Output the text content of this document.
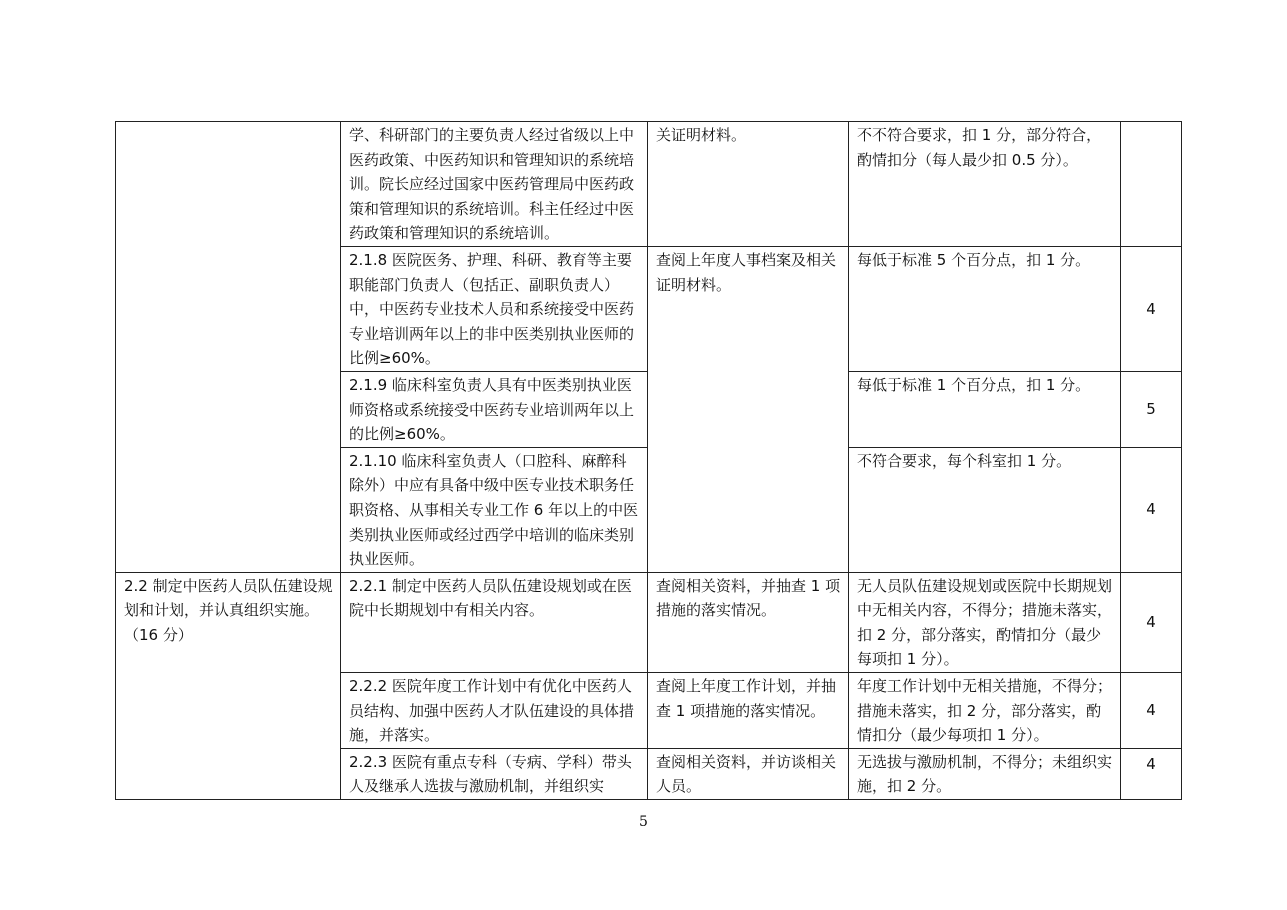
	学、科研部门的主要负责人经过省级以上中医药政策、中医药知识和管理知识的系统培训。院长应经过国家中医药管理局中医药政策和管理知识的系统培训。科主任经过中医药政策和管理知识的系统培训。	关证明材料。	不不符合要求，扣 1 分，部分符合，酌情扣分（每人最少扣 0.5 分）。	

	2.1.8 医院医务、护理、科研、教育等主要职能部门负责人（包括正、副职负责人）中，中医药专业技术人员和系统接受中医药专业培训两年以上的非中医类别执业医师的比例≥60%。	查阅上年度人事档案及相关证明材料。	每低于标准 5 个百分点，扣 1 分。	4

	2.1.9 临床科室负责人具有中医类别执业医师资格或系统接受中医药专业培训两年以上的比例≥60%。		每低于标准 1 个百分点，扣 1 分。	5

	2.1.10 临床科室负责人（口腔科、麻醉科除外）中应有具备中级中医专业技术职务任职资格、从事相关专业工作 6 年以上的中医类别执业医师或经过西学中培训的临床类别执业医师。		不符合要求，每个科室扣 1 分。	4

2.2 制定中医药人员队伍建设规划和计划，并认真组织实施。（16 分）	2.2.1 制定中医药人员队伍建设规划或在医院中长期规划中有相关内容。	查阅相关资料，并抽查 1 项措施的落实情况。	无人员队伍建设规划或医院中长期规划中无相关内容，不得分；措施未落实，扣 2 分，部分落实，酌情扣分（最少每项扣 1 分）。	4

	2.2.2 医院年度工作计划中有优化中医药人员结构、加强中医药人才队伍建设的具体措施，并落实。	查阅上年度工作计划，并抽查 1 项措施的落实情况。	年度工作计划中无相关措施，不得分；措施未落实，扣 2 分，部分落实，酌情扣分（最少每项扣 1 分）。	4

	2.2.3 医院有重点专科（专病、学科）带头人及继承人选拔与激励机制，并组织实	查阅相关资料，并访谈相关人员。	无选拔与激励机制，不得分；未组织实施，扣 2 分。	4
5
